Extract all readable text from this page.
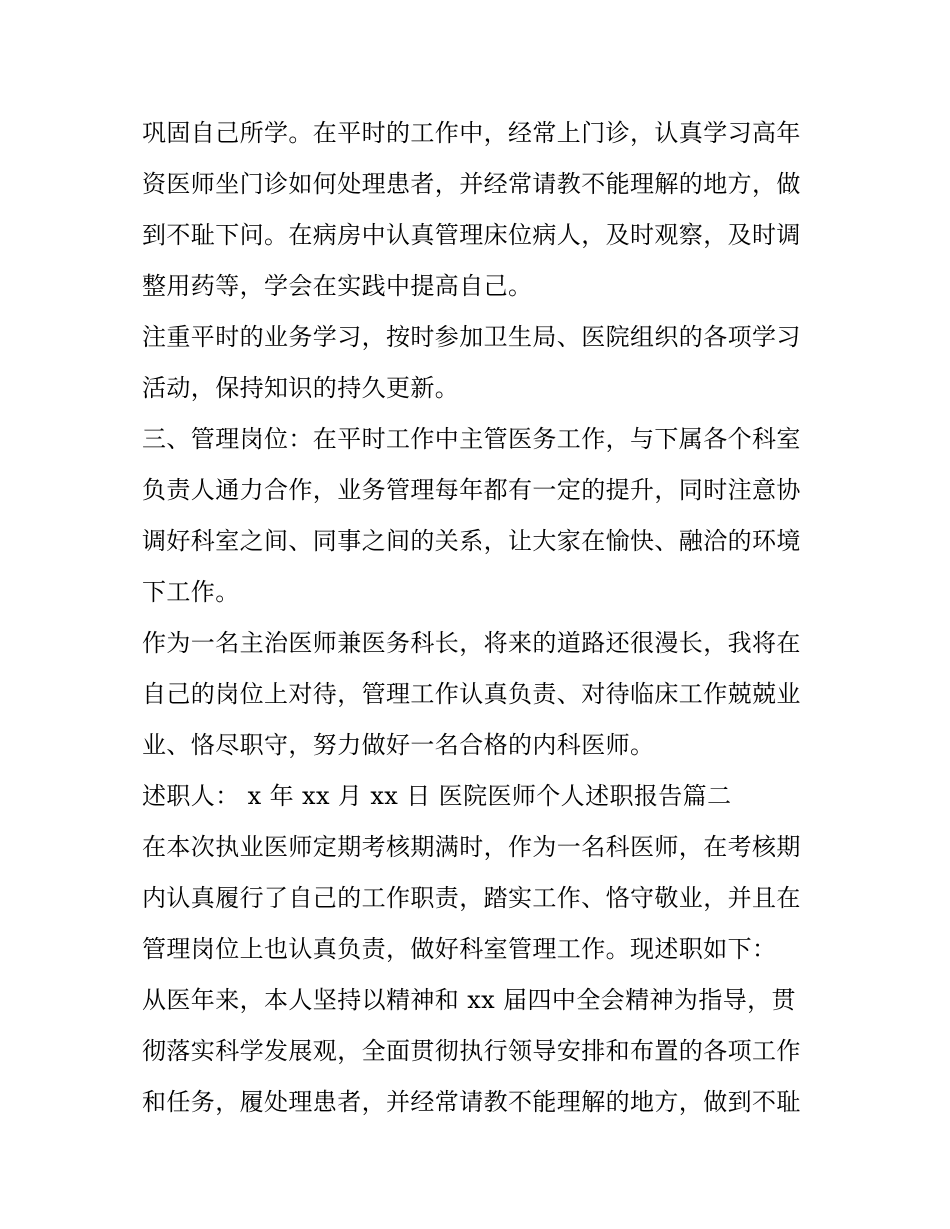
巩固自己所学。在平时的工作中，经常上门诊，认真学习高年
资医师坐门诊如何处理患者，并经常请教不能理解的地方，做
到不耻下问。在病房中认真管理床位病人，及时观察，及时调
整用药等，学会在实践中提高自己。
注重平时的业务学习，按时参加卫生局、医院组织的各项学习
活动，保持知识的持久更新。
三、管理岗位：在平时工作中主管医务工作，与下属各个科室
负责人通力合作，业务管理每年都有一定的提升，同时注意协
调好科室之间、同事之间的关系，让大家在愉快、融洽的环境
下工作。
作为一名主治医师兼医务科长，将来的道路还很漫长，我将在
自己的岗位上对待，管理工作认真负责、对待临床工作兢兢业
业、恪尽职守，努力做好一名合格的内科医师。
述职人： x 年 xx 月 xx 日 医院医师个人述职报告篇二
在本次执业医师定期考核期满时，作为一名科医师，在考核期
内认真履行了自己的工作职责，踏实工作、恪守敬业，并且在
管理岗位上也认真负责，做好科室管理工作。现述职如下：
从医年来，本人坚持以精神和 xx 届四中全会精神为指导，贯
彻落实科学发展观，全面贯彻执行领导安排和布置的各项工作
和任务，履处理患者，并经常请教不能理解的地方，做到不耻
